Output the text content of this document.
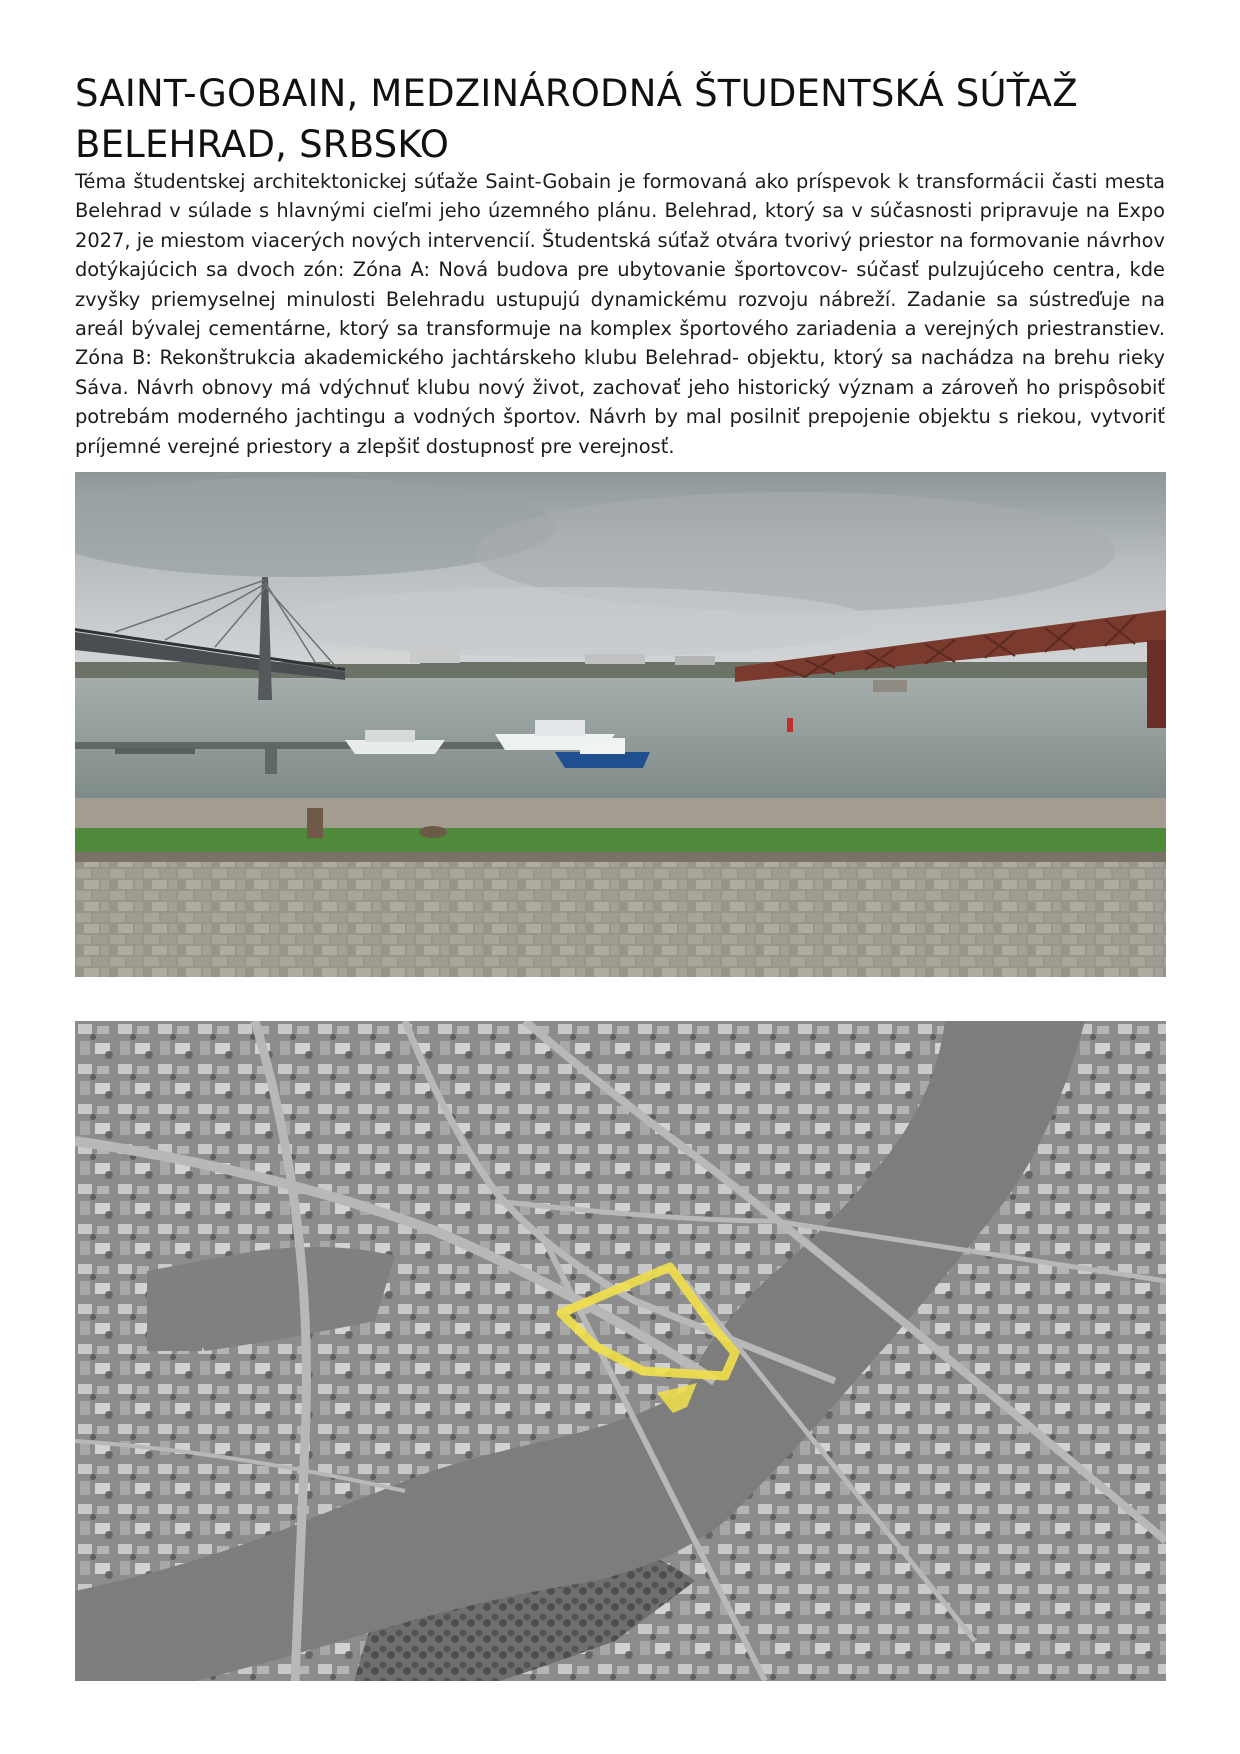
SAINT-GOBAIN, MEDZINÁRODNÁ ŠTUDENTSKÁ SÚŤAŽ
BELEHRAD, SRBSKO

Téma študentskej architektonickej súťaže Saint-Gobain je formovaná ako príspevok k transformácii časti mesta Belehrad v súlade s hlavnými cieľmi jeho územného plánu. Belehrad, ktorý sa v súčasnosti pripravuje na Expo 2027, je miestom viacerých nových intervencií. Študentská súťaž otvára tvorivý priestor na formovanie návrhov dotýkajúcich sa dvoch zón: Zóna A: Nová budova pre ubytovanie športovcov- súčasť pulzujúceho centra, kde zvyšky priemyselnej minulosti Belehradu ustupujú dynamickému rozvoju nábreží. Zadanie sa sústreďuje na areál bývalej cementárne, ktorý sa transformuje na komplex športového zariadenia a verejných priestranstiev. Zóna B: Rekonštrukcia akademického jachtárskeho klubu Belehrad- objektu, ktorý sa nachádza na brehu rieky Sáva. Návrh obnovy má vdýchnuť klubu nový život, zachovať jeho historický význam a zároveň ho prispôsobiť potrebám moderného jachtingu a vodných športov. Návrh by mal posilniť prepojenie objektu s riekou, vytvoriť príjemné verejné priestory a zlepšiť dostupnosť pre verejnosť.
